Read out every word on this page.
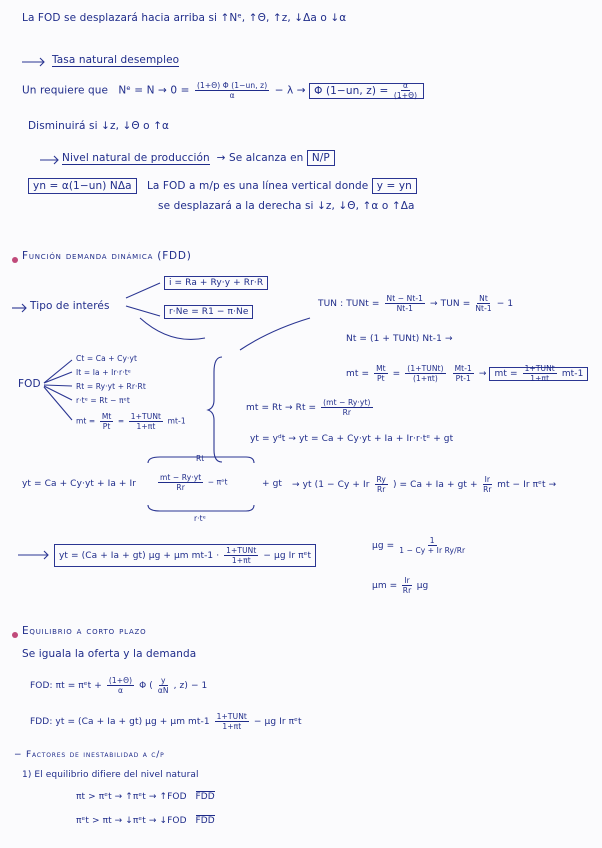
La FOD se desplazará hacia arriba si ↑Nᵉ, ↑Θ, ↑z, ↓Δa o ↓α
Tasa natural desempleo
Un requiere que Nᵉ = $N \to 0 = \frac{(1+\Theta) \Phi (1-un, z)}{\alpha} - \lambda \to \Phi$ (1−un, $z) = \frac{\alpha}{(1+\Theta)}$
Disminuirá si ↓z, ↓Θ o ↑α
Nivel natural de producción → Se alcanza en N/P
yn = α(1−un) NΔa La FOD a m/p es una línea vertical donde y = yn
se desplazará a la derecha si ↓z, ↓Θ, ↑α o ↑Δa
Función demanda dinámica (FDD)
Tipo de interés
i = Ra + Ry·y + Rr·R
r·Ne = R1 − π·Ne
TUN : TUNt = $\frac{Nt - Nt-1}{Nt-1}$ → TUN = $\frac{Nt}{Nt-1} - 1$
Nt = (1 + TUNt) Nt-1 →
mt = $\frac{Mt}{Pt} = \frac{\text{(1+TUNt)}}{(1+\pi t)}$
$\frac{Mt-1}{Pt-1}$ → mt = $\frac{\text{1+TUNt}}{1+\pi t} mt-1$
FOD
Ct = Ca + Cy·yt
It = Ia + Ir·r·tᵉ
Rt = Ry·yt + Rr·Rt
r·tᵉ = Rt − πᵉt
mt = $\frac{Mt}{Pt} = \frac{\text{1+TUNt}}{1+\pi t} mt-1$
mt = $Rt \to Rt = \frac{(mt - Ry\cdot yt)}{Rr}$
yt = yᵈt → yt = Ca + Cy·yt + Ia + Ir·r·tᵉ + gt
yt = Ca + Cy·yt + Ia + Ir
Rt
$\frac{mt - Ry\cdot yt}{Rr}$ − πᵉt	+ gt
r·tᵉ
→ yt (1 − Cy + Ir $\frac{Ry}{Rr}$ ) = Ca + Ia + gt + $\frac{Ir}{Rr}$ mt − Ir πᵉt →
yt = (Ca + Ia + gt) μg + μm $mt-1 \cdot \frac{\text{1+TUNt}}{1+\pi t} - \mu g$ Ir πᵉt
$\mu g = \frac{1}{\text{1 − Cy + Ir Ry/Rr}}$
$\mu m = \frac{Ir}{Rr}$ μg
Equilibrio a corto plazo
Se iguala la oferta y la demanda
FOD: πt = πᵉt + $\frac{(1+\Theta)}{\alpha}$ Φ ( $\frac{y}{\alpha N}$ , z) − 1
FDD: yt = (Ca + Ia + gt) μg + μm $mt-1 \frac{\text{1+TUNt}}{1+\pi t} - \mu g$ Ir πᵉt
− Factores de inestabilidad a c/p
1) El equilibrio difiere del nivel natural
πt > πᵉt → ↑πᵉt → ↑FOD FDD
πᵉt > πt → ↓πᵉt → ↓FOD FDD
